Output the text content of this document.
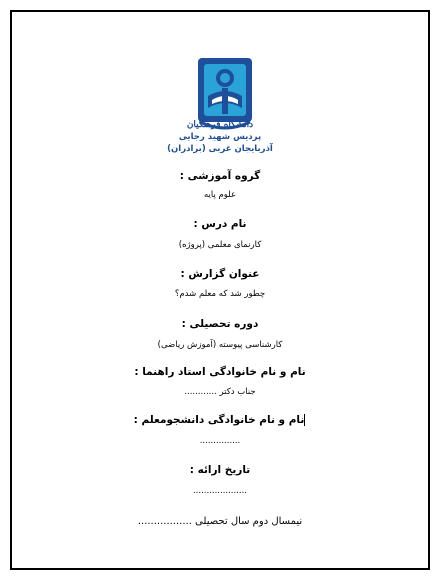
دانشگاه فرهنگیان
پردیس شهید رجایی
آذربایجان غربی (برادران)
گروه آموزشی :
علوم پایه
نام درس :
کارنمای معلمی (پروژه)
عنوان گزارش :
چطور شد که معلم شدم؟
دوره تحصیلی :
کارشناسی پیوسته (آموزش ریاضی)
نام و نام خانوادگی استاد راهنما :
جناب دکتر ............
نام و نام خانوادگی دانشجومعلم :
...............
تاریخ ارائه :
....................
نیمسال دوم سال تحصیلی .................
